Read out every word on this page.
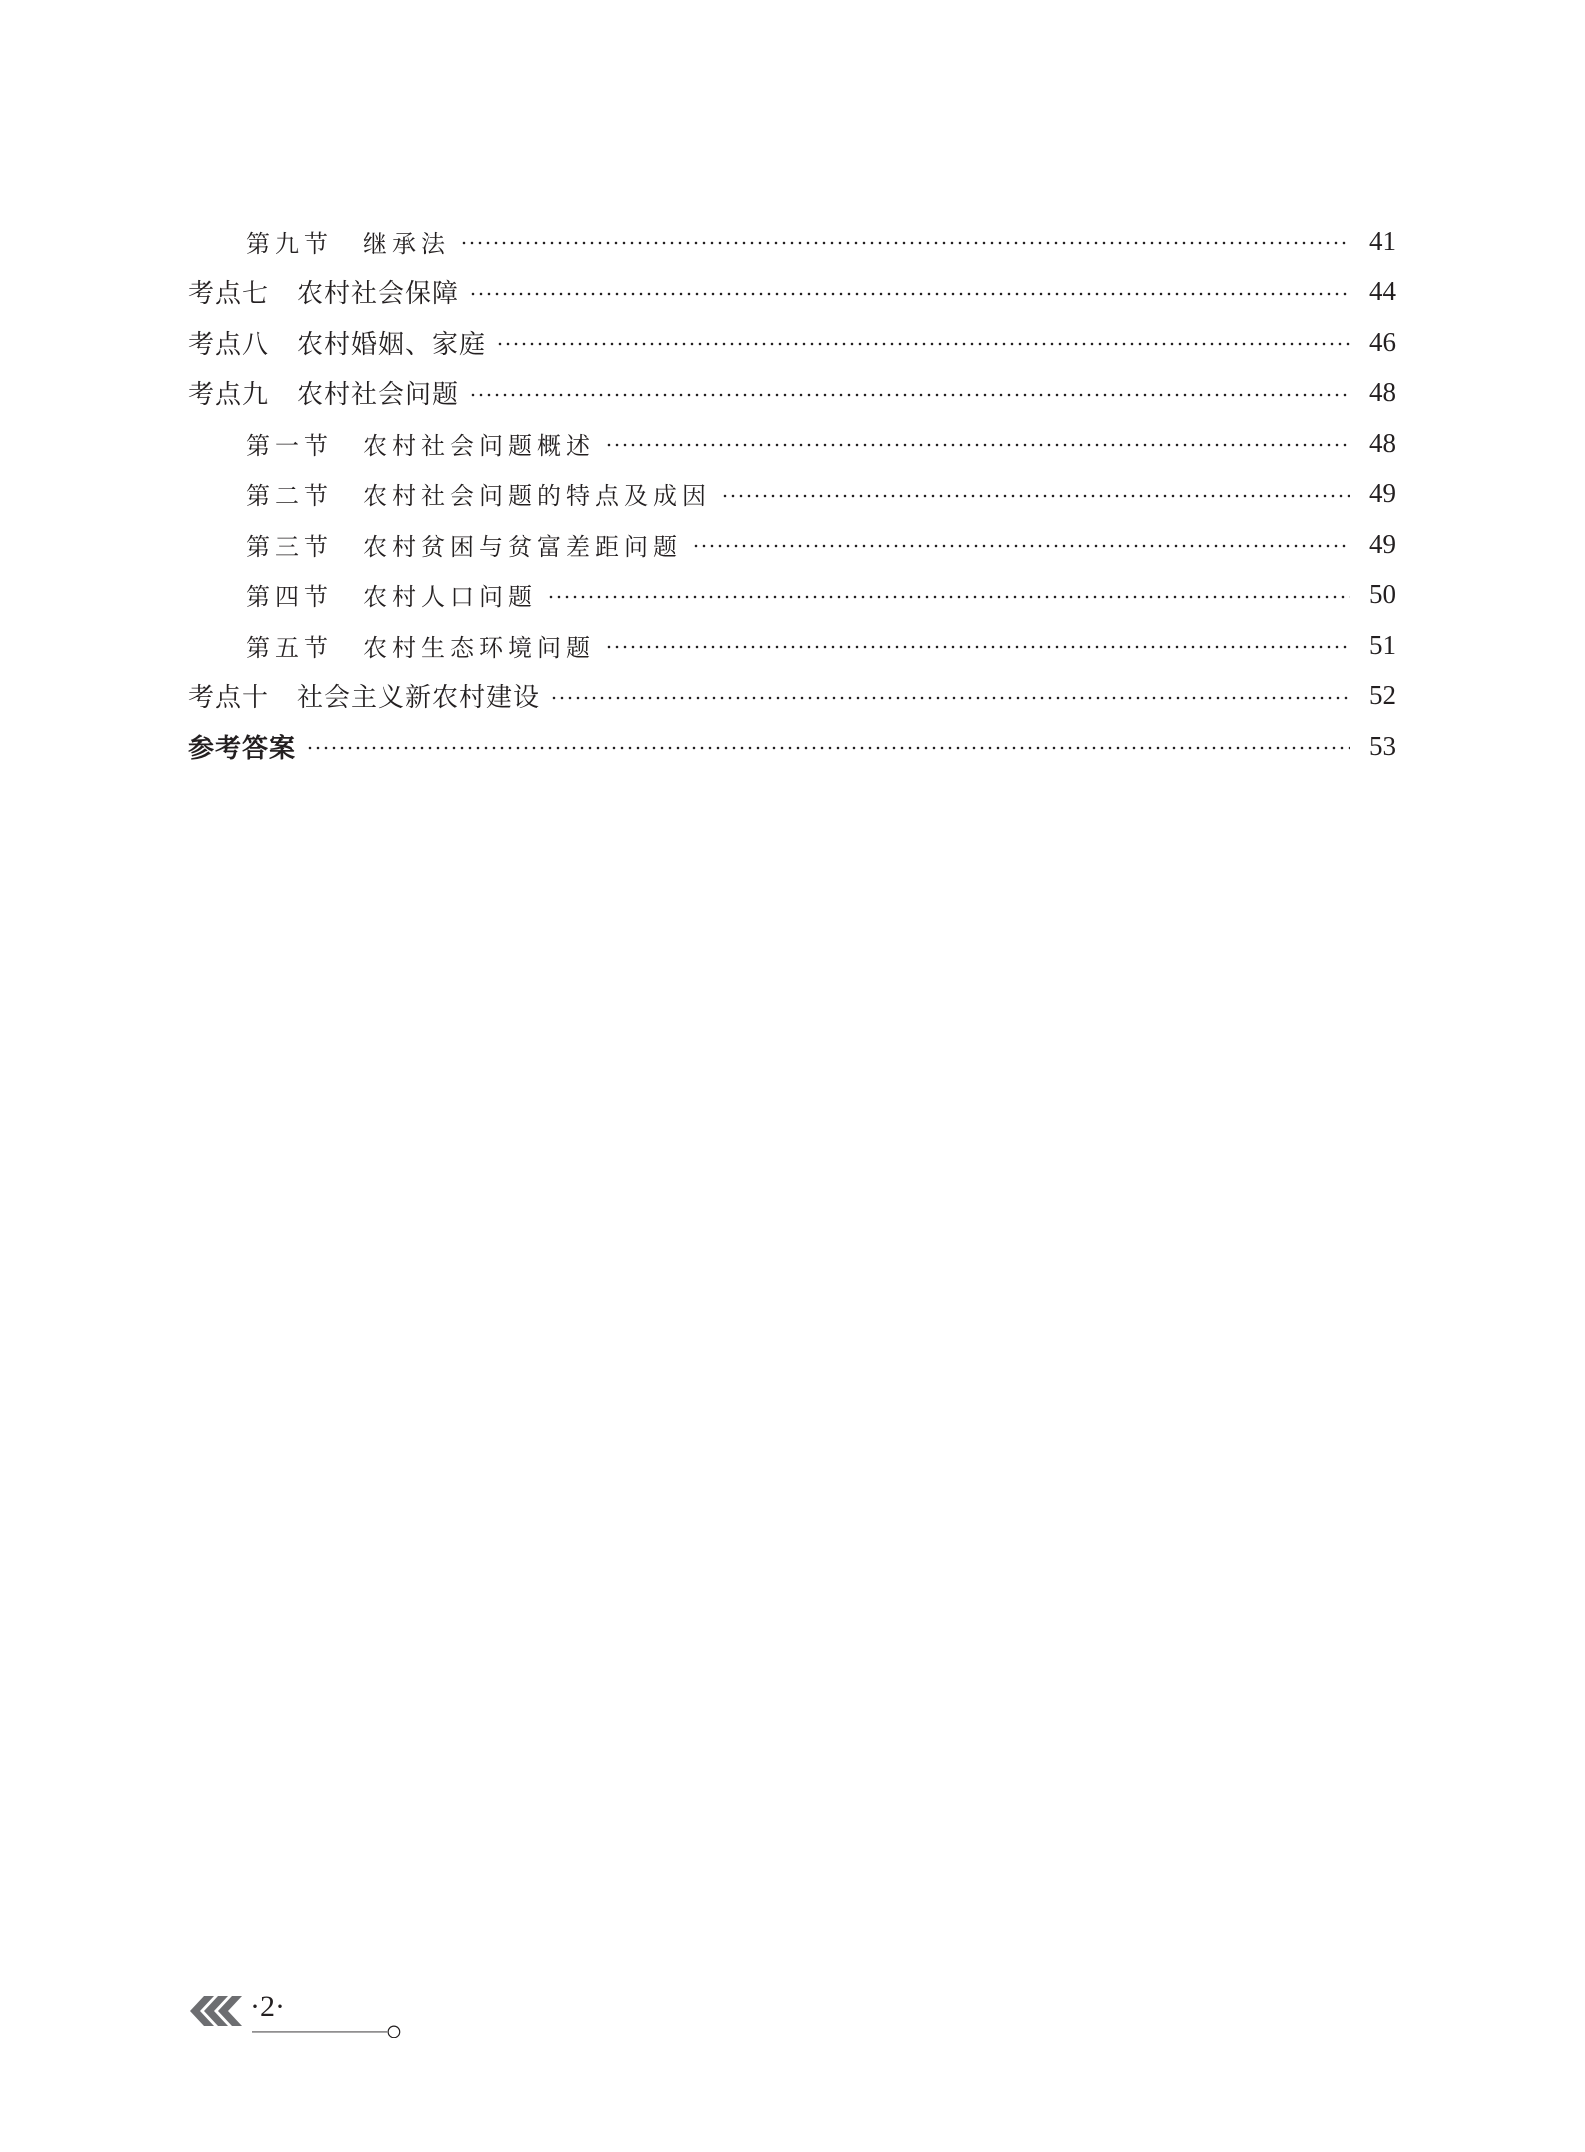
第九节 继承法	41
考点七 农村社会保障	44
考点八 农村婚姻、家庭	46
考点九 农村社会问题	48
第一节 农村社会问题概述	48
第二节 农村社会问题的特点及成因	49
第三节 农村贫困与贫富差距问题	49
第四节 农村人口问题	50
第五节 农村生态环境问题	51
考点十 社会主义新农村建设	52
参考答案	53
·2·
